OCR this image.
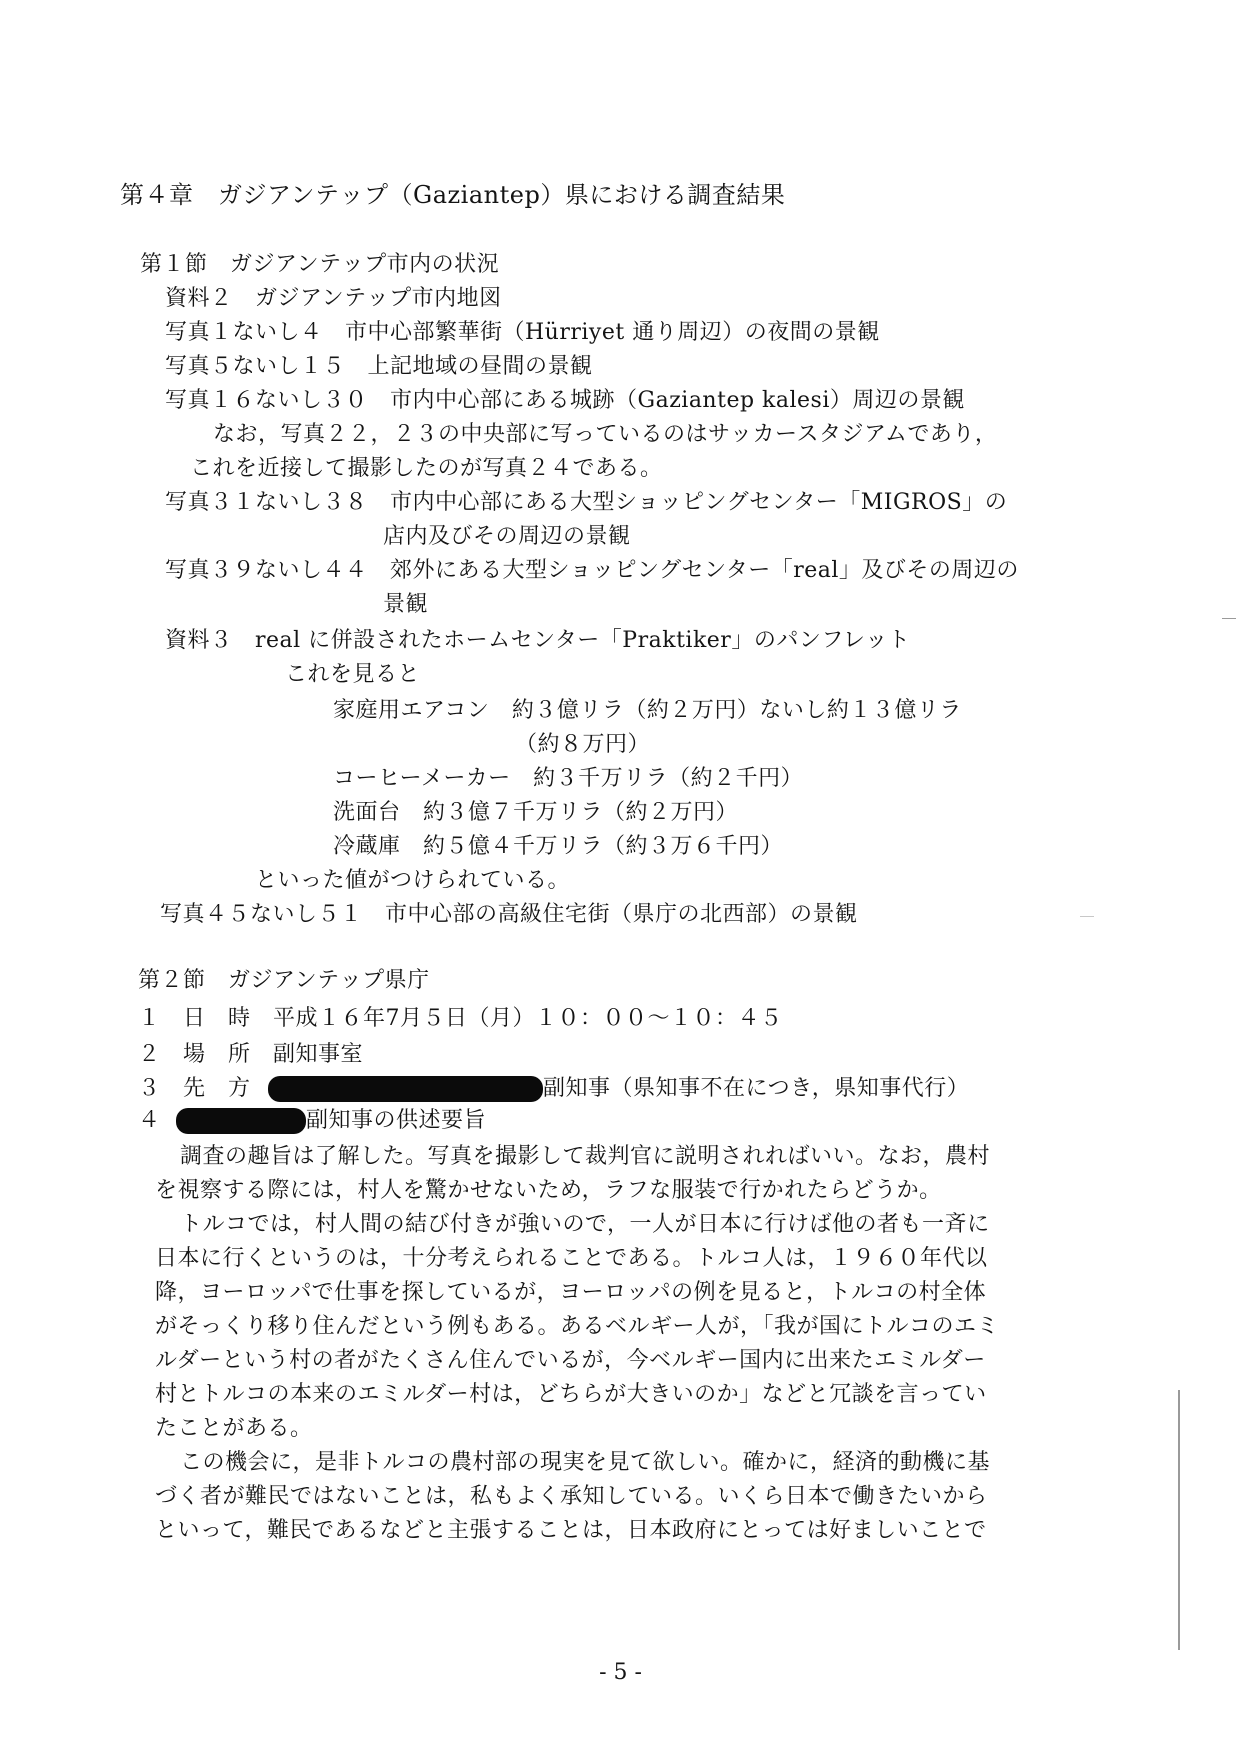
第４章　ガジアンテップ（Gaziantep）県における調査結果
第１節　ガジアンテップ市内の状況
資料２　ガジアンテップ市内地図
写真１ないし４　市中心部繁華街（Hürriyet 通り周辺）の夜間の景観
写真５ないし１５　上記地域の昼間の景観
写真１６ないし３０　市内中心部にある城跡（Gaziantep kalesi）周辺の景観
なお，写真２２，２３の中央部に写っているのはサッカースタジアムであり，
これを近接して撮影したのが写真２４である。
写真３１ないし３８　市内中心部にある大型ショッピングセンター「MIGROS」の
店内及びその周辺の景観
写真３９ないし４４　郊外にある大型ショッピングセンター「real」及びその周辺の
景観
資料３　real に併設されたホームセンター「Praktiker」のパンフレット
これを見ると
家庭用エアコン　約３億リラ（約２万円）ないし約１３億リラ
（約８万円）
コーヒーメーカー　約３千万リラ（約２千円）
洗面台　約３億７千万リラ（約２万円）
冷蔵庫　約５億４千万リラ（約３万６千円）
といった値がつけられている。
写真４５ないし５１　市中心部の高級住宅街（県庁の北西部）の景観
第２節　ガジアンテップ県庁
１　日　時　平成１６年7月５日（月）１０：００～１０：４５
２　場　所　副知事室
３　先　方	副知事（県知事不在につき，県知事代行）
４	副知事の供述要旨
調査の趣旨は了解した。写真を撮影して裁判官に説明されればいい。なお，農村
を視察する際には，村人を驚かせないため，ラフな服装で行かれたらどうか。
トルコでは，村人間の結び付きが強いので，一人が日本に行けば他の者も一斉に
日本に行くというのは，十分考えられることである。トルコ人は，１９６０年代以
降，ヨーロッパで仕事を探しているが，ヨーロッパの例を見ると，トルコの村全体
がそっくり移り住んだという例もある。あるベルギー人が，「我が国にトルコのエミ
ルダーという村の者がたくさん住んでいるが，今ベルギー国内に出来たエミルダー
村とトルコの本来のエミルダー村は，どちらが大きいのか」などと冗談を言ってい
たことがある。
この機会に，是非トルコの農村部の現実を見て欲しい。確かに，経済的動機に基
づく者が難民ではないことは，私もよく承知している。いくら日本で働きたいから
といって，難民であるなどと主張することは，日本政府にとっては好ましいことで
- 5 -
